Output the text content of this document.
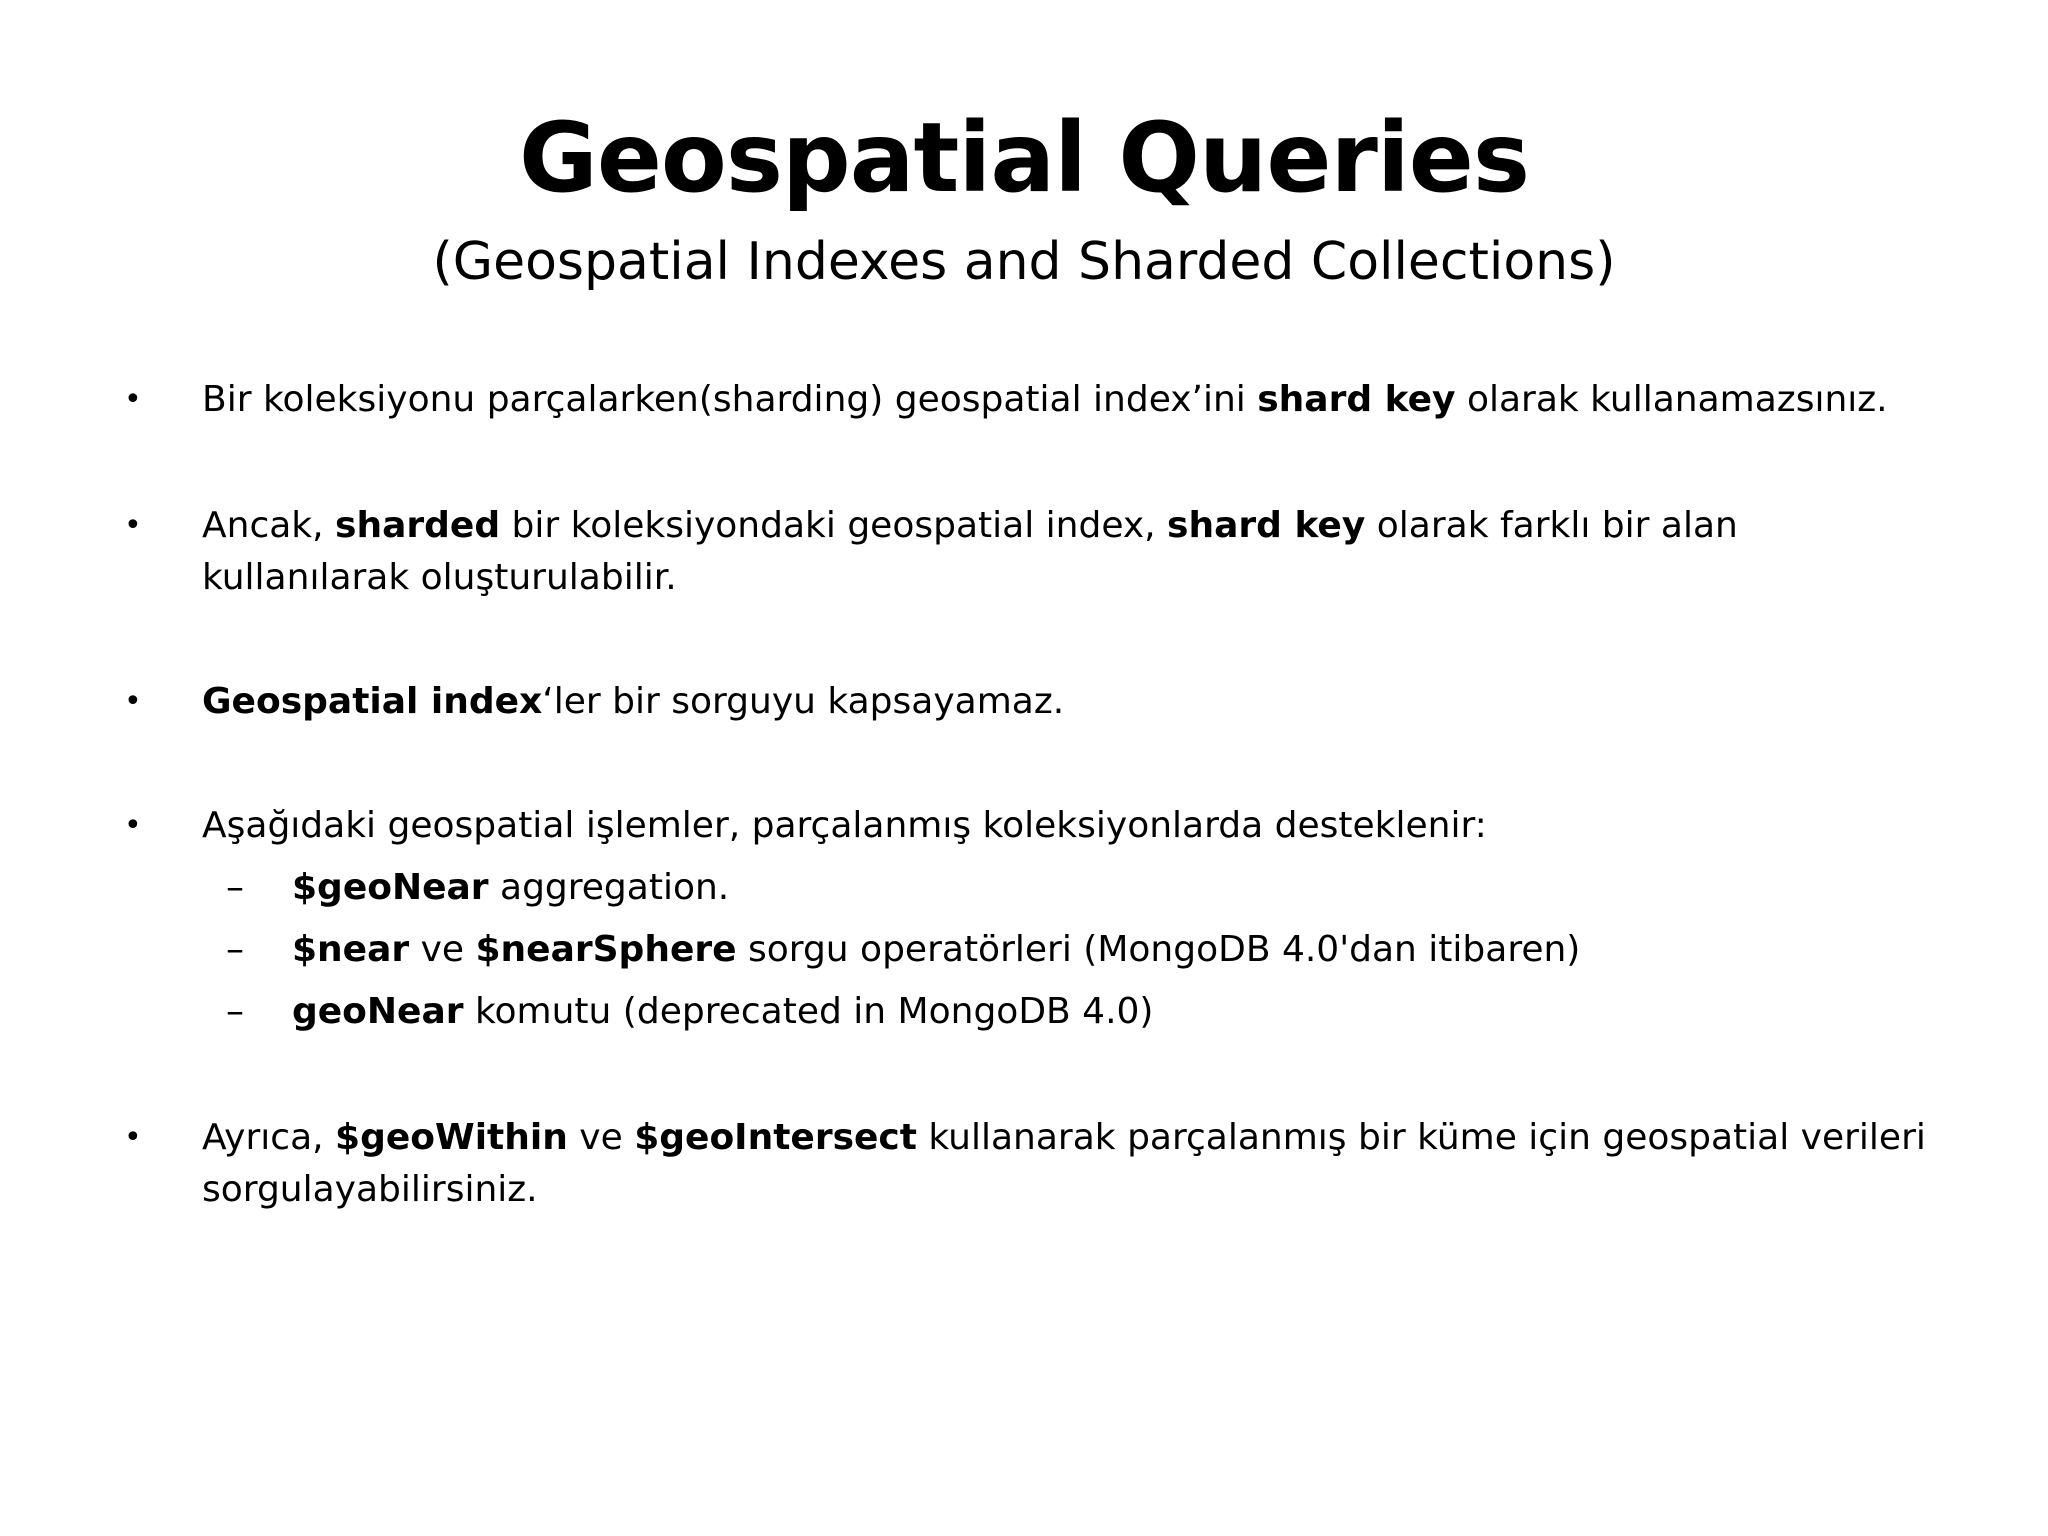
Geospatial Queries
(Geospatial Indexes and Sharded Collections)
•	Bir koleksiyonu parçalarken(sharding) geospatial index’ini shard key olarak kullanamazsınız.
•	Ancak, sharded bir koleksiyondaki geospatial index, shard key olarak farklı bir alan kullanılarak oluşturulabilir.
•	Geospatial index‘ler bir sorguyu kapsayamaz.
•	Aşağıdaki geospatial işlemler, parçalanmış koleksiyonlarda desteklenir:
–	$geoNear aggregation.
–	$near ve $nearSphere sorgu operatörleri (MongoDB 4.0'dan itibaren)
–	geoNear komutu (deprecated in MongoDB 4.0)
•	Ayrıca, $geoWithin ve $geoIntersect kullanarak parçalanmış bir küme için geospatial verileri sorgulayabilirsiniz.
